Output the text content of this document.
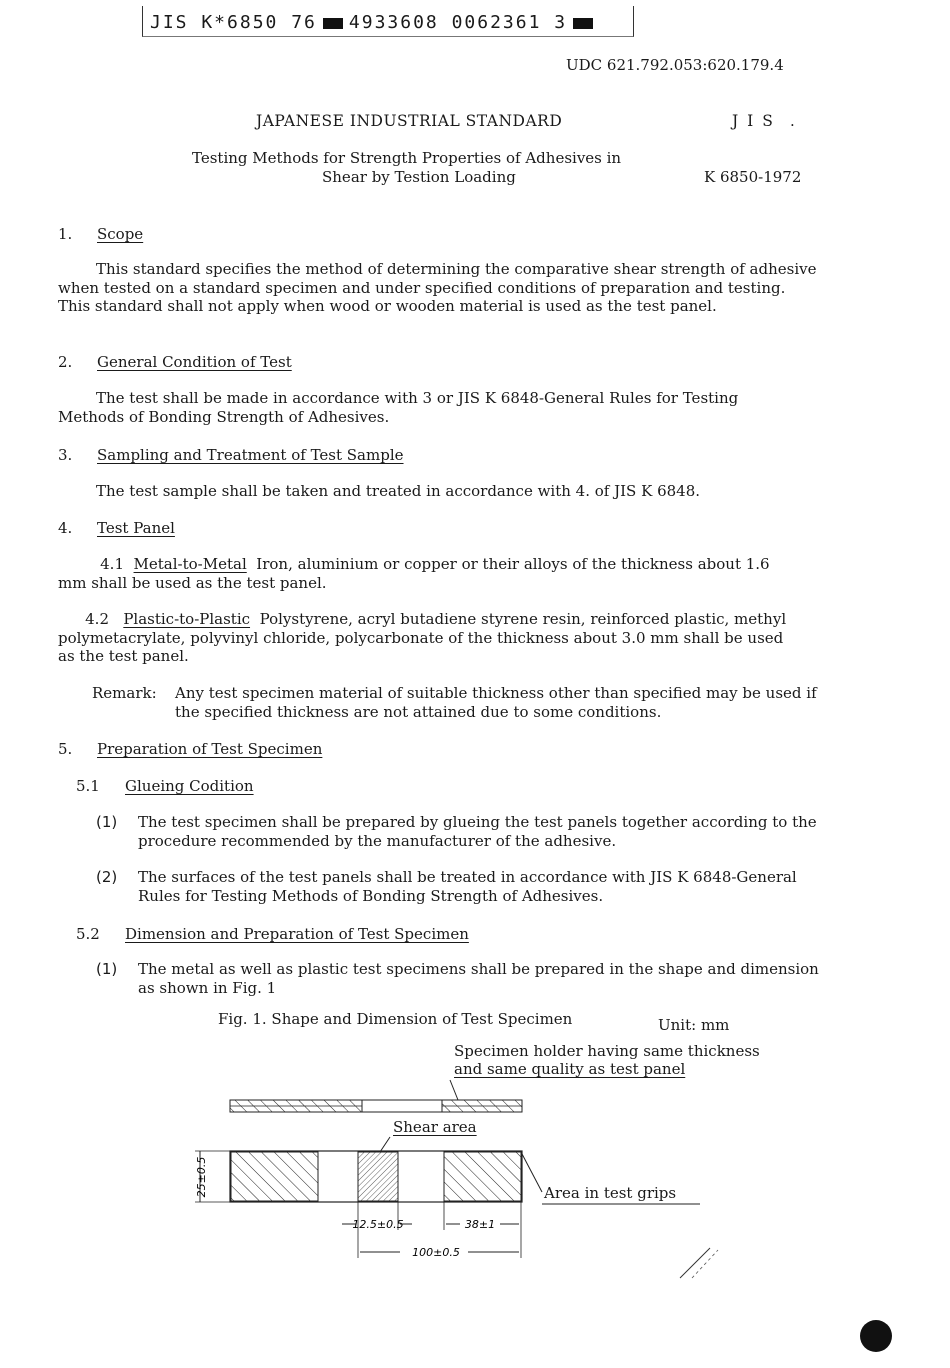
JIS K*6850 76 4933608 0062361 3
UDC 621.792.053:620.179.4
JAPANESE INDUSTRIAL STANDARD	J I S .
Testing Methods for Strength Properties of Adhesives in
Shear by Testion Loading	K 6850-1972
1. Scope
This standard specifies the method of determining the comparative shear strength of adhesive when tested on a standard specimen and under specified conditions of preparation and testing. This standard shall not apply when wood or wooden material is used as the test panel.
2. General Condition of Test
The test shall be made in accordance with 3 or JIS K 6848-General Rules for Testing Methods of Bonding Strength of Adhesives.
3. Sampling and Treatment of Test Sample
The test sample shall be taken and treated in accordance with 4. of JIS K 6848.
4. Test Panel
4.1 Metal-to-Metal Iron, aluminium or copper or their alloys of the thickness about 1.6 mm shall be used as the test panel.
4.2 Plastic-to-Plastic Polystyrene, acryl butadiene styrene resin, reinforced plastic, methyl polymetacrylate, polyvinyl chloride, polycarbonate of the thickness about 3.0 mm shall be used as the test panel.
Remark: Any test specimen material of suitable thickness other than specified may be used if the specified thickness are not attained due to some conditions.
5. Preparation of Test Specimen
5.1 Glueing Codition
(1) The test specimen shall be prepared by glueing the test panels together according to the procedure recommended by the manufacturer of the adhesive.
(2) The surfaces of the test panels shall be treated in accordance with JIS K 6848-General Rules for Testing Methods of Bonding Strength of Adhesives.
5.2 Dimension and Preparation of Test Specimen
(1) The metal as well as plastic test specimens shall be prepared in the shape and dimension as shown in Fig. 1
Fig. 1. Shape and Dimension of Test Specimen	Unit: mm
Specimen holder having same thickness
and same quality as test panel
Shear area
Area in test grips
25±0.5
12.5±0.5	38±1
100±0.5
